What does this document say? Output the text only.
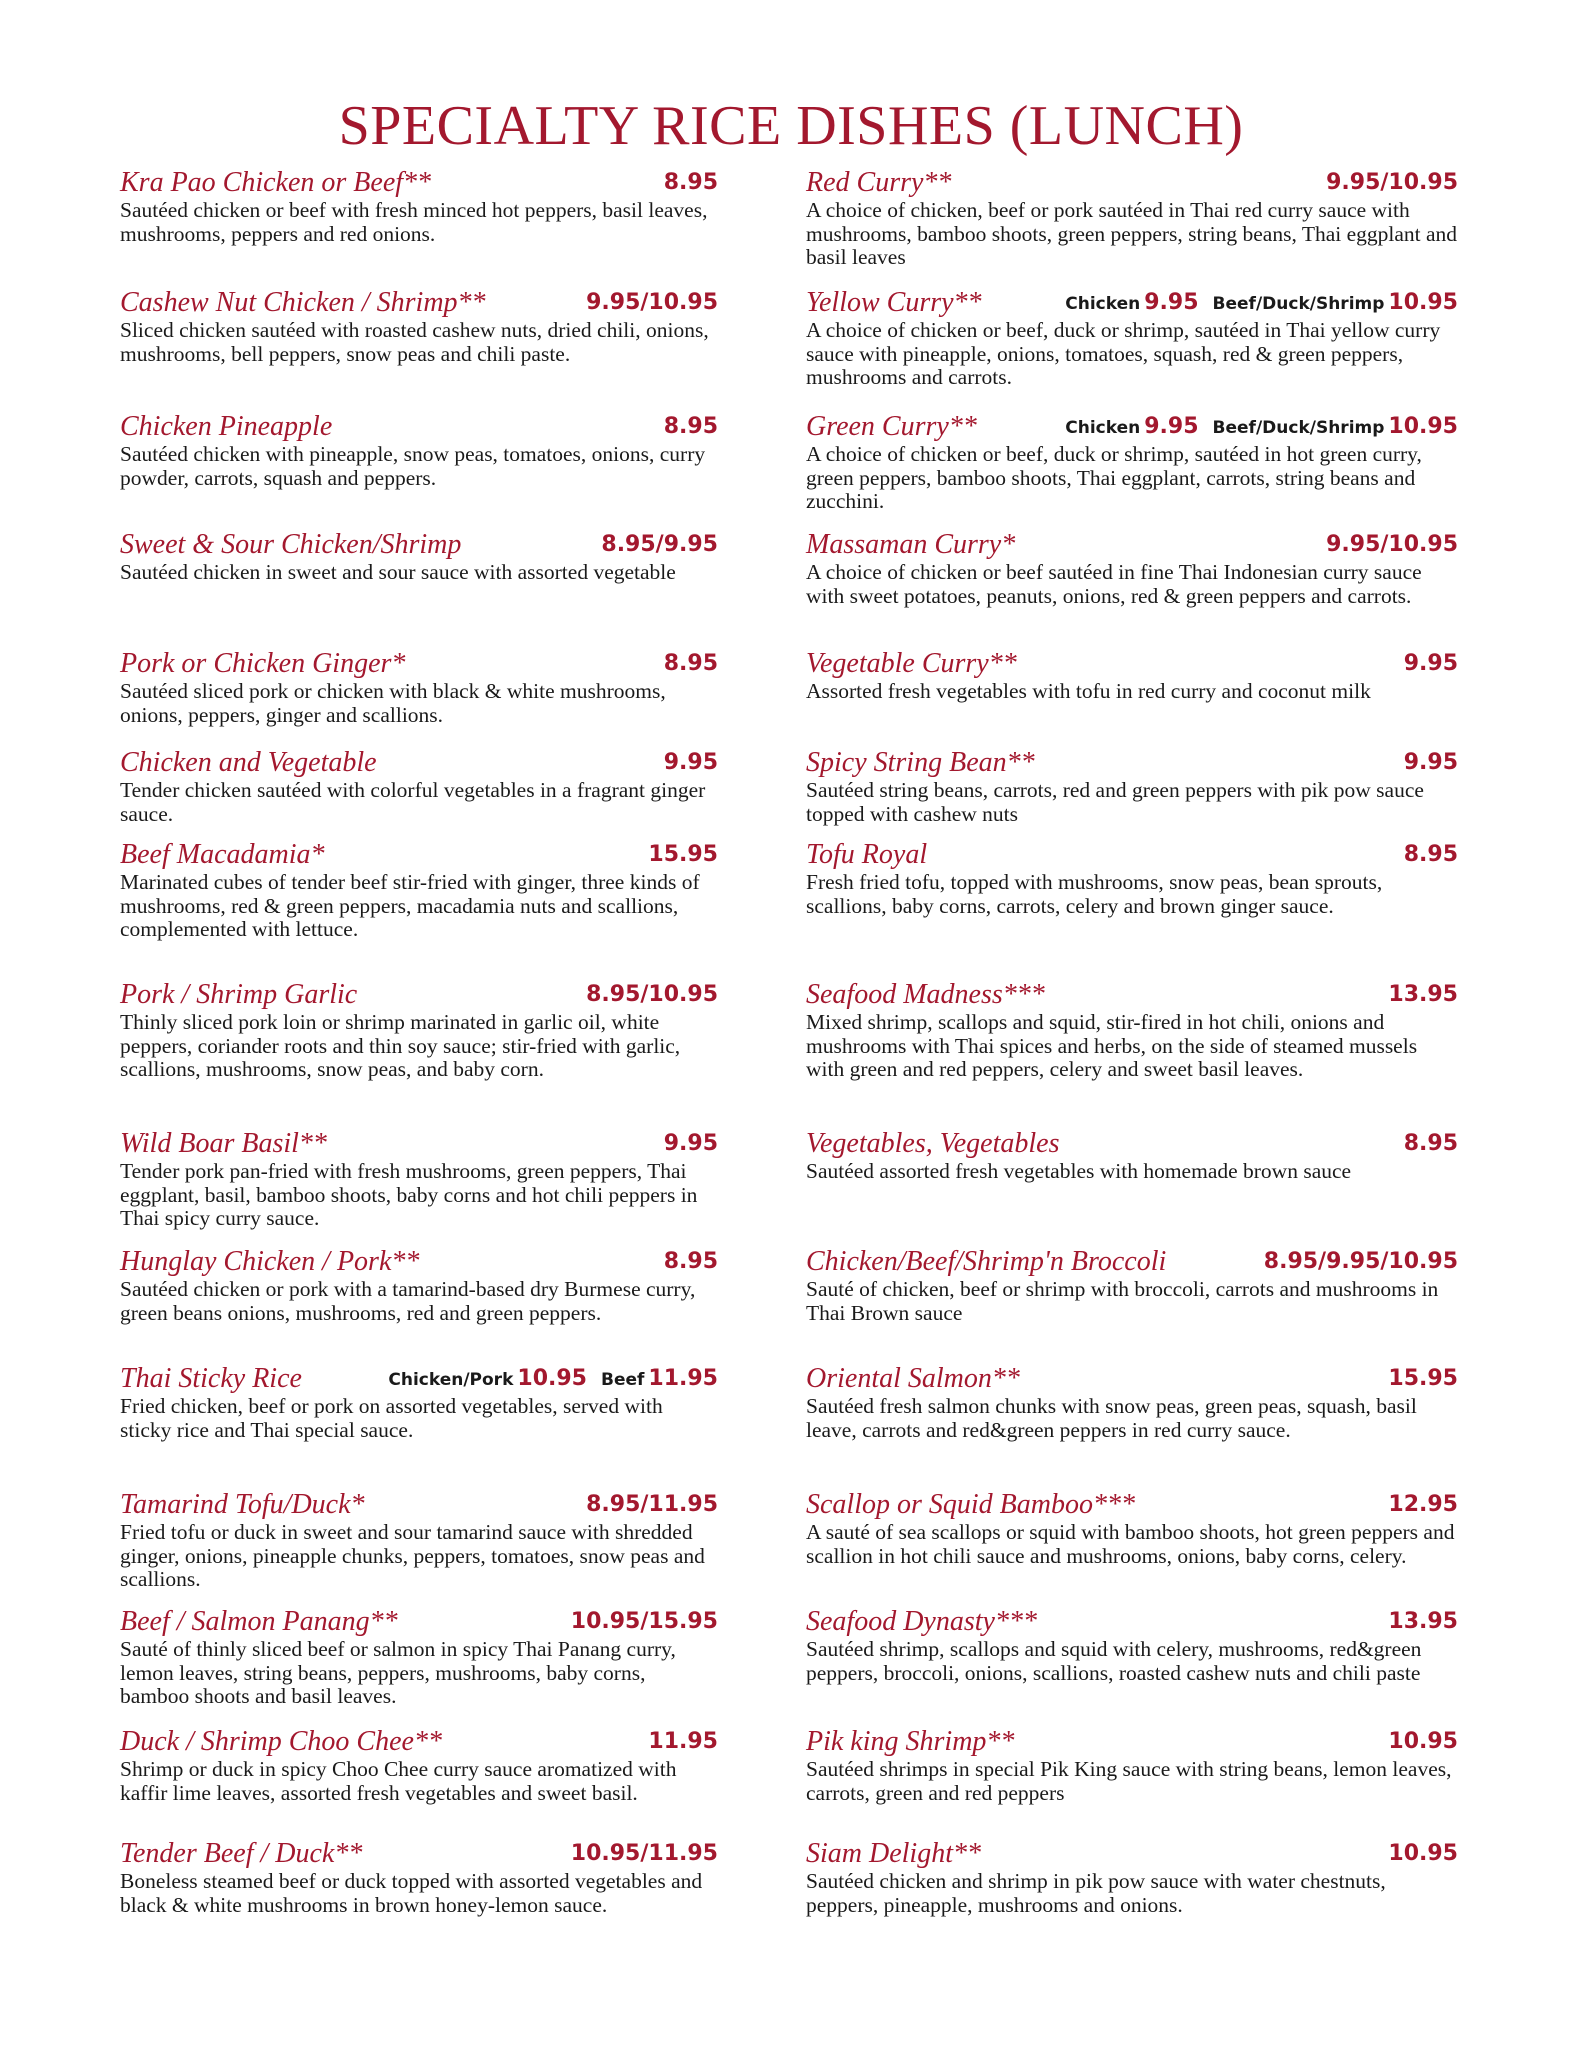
SPECIALTY RICE DISHES (LUNCH)
Kra Pao Chicken or Beef**	8.95
Sautéed chicken or beef with fresh minced hot peppers, basil leaves, mushrooms, peppers and red onions.
Cashew Nut Chicken / Shrimp**	9.95/10.95
Sliced chicken sautéed with roasted cashew nuts, dried chili, onions, mushrooms, bell peppers, snow peas and chili paste.
Chicken Pineapple	8.95
Sautéed chicken with pineapple, snow peas, tomatoes, onions, curry powder, carrots, squash and peppers.
Sweet & Sour Chicken/Shrimp	8.95/9.95
Sautéed chicken in sweet and sour sauce with assorted vegetable
Pork or Chicken Ginger*	8.95
Sautéed sliced pork or chicken with black & white mushrooms, onions, peppers, ginger and scallions.
Chicken and Vegetable	9.95
Tender chicken sautéed with colorful vegetables in a fragrant ginger sauce.
Beef Macadamia*	15.95
Marinated cubes of tender beef stir-fried with ginger, three kinds of mushrooms, red & green peppers, macadamia nuts and scallions, complemented with lettuce.
Pork / Shrimp Garlic	8.95/10.95
Thinly sliced pork loin or shrimp marinated in garlic oil, white peppers, coriander roots and thin soy sauce; stir-fried with garlic, scallions, mushrooms, snow peas, and baby corn.
Wild Boar Basil**	9.95
Tender pork pan-fried with fresh mushrooms, green peppers, Thai eggplant, basil, bamboo shoots, baby corns and hot chili peppers in Thai spicy curry sauce.
Hunglay Chicken / Pork**	8.95
Sautéed chicken or pork with a tamarind-based dry Burmese curry, green beans onions, mushrooms, red and green peppers.
Thai Sticky Rice	Chicken/Pork 10.95 Beef 11.95
Fried chicken, beef or pork on assorted vegetables, served with sticky rice and Thai special sauce.
Tamarind Tofu/Duck*	8.95/11.95
Fried tofu or duck in sweet and sour tamarind sauce with shredded ginger, onions, pineapple chunks, peppers, tomatoes, snow peas and scallions.
Beef / Salmon Panang**	10.95/15.95
Sauté of thinly sliced beef or salmon in spicy Thai Panang curry, lemon leaves, string beans, peppers, mushrooms, baby corns, bamboo shoots and basil leaves.
Duck / Shrimp Choo Chee**	11.95
Shrimp or duck in spicy Choo Chee curry sauce aromatized with kaffir lime leaves, assorted fresh vegetables and sweet basil.
Tender Beef / Duck**	10.95/11.95
Boneless steamed beef or duck topped with assorted vegetables and black & white mushrooms in brown honey-lemon sauce.
Red Curry**	9.95/10.95
A choice of chicken, beef or pork sautéed in Thai red curry sauce with mushrooms, bamboo shoots, green peppers, string beans, Thai eggplant and basil leaves
Yellow Curry**	Chicken 9.95 Beef/Duck/Shrimp 10.95
A choice of chicken or beef, duck or shrimp, sautéed in Thai yellow curry sauce with pineapple, onions, tomatoes, squash, red & green peppers, mushrooms and carrots.
Green Curry**	Chicken 9.95 Beef/Duck/Shrimp 10.95
A choice of chicken or beef, duck or shrimp, sautéed in hot green curry, green peppers, bamboo shoots, Thai eggplant, carrots, string beans and zucchini.
Massaman Curry*	9.95/10.95
A choice of chicken or beef sautéed in fine Thai Indonesian curry sauce with sweet potatoes, peanuts, onions, red & green peppers and carrots.
Vegetable Curry**	9.95
Assorted fresh vegetables with tofu in red curry and coconut milk
Spicy String Bean**	9.95
Sautéed string beans, carrots, red and green peppers with pik pow sauce topped with cashew nuts
Tofu Royal	8.95
Fresh fried tofu, topped with mushrooms, snow peas, bean sprouts, scallions, baby corns, carrots, celery and brown ginger sauce.
Seafood Madness***	13.95
Mixed shrimp, scallops and squid, stir-fired in hot chili, onions and mushrooms with Thai spices and herbs, on the side of steamed mussels with green and red peppers, celery and sweet basil leaves.
Vegetables, Vegetables	8.95
Sautéed assorted fresh vegetables with homemade brown sauce
Chicken/Beef/Shrimp'n Broccoli	8.95/9.95/10.95
Sauté of chicken, beef or shrimp with broccoli, carrots and mushrooms in Thai Brown sauce
Oriental Salmon**	15.95
Sautéed fresh salmon chunks with snow peas, green peas, squash, basil leave, carrots and red&green peppers in red curry sauce.
Scallop or Squid Bamboo***	12.95
A sauté of sea scallops or squid with bamboo shoots, hot green peppers and scallion in hot chili sauce and mushrooms, onions, baby corns, celery.
Seafood Dynasty***	13.95
Sautéed shrimp, scallops and squid with celery, mushrooms, red&green peppers, broccoli, onions, scallions, roasted cashew nuts and chili paste
Pik king Shrimp**	10.95
Sautéed shrimps in special Pik King sauce with string beans, lemon leaves, carrots, green and red peppers
Siam Delight**	10.95
Sautéed chicken and shrimp in pik pow sauce with water chestnuts, peppers, pineapple, mushrooms and onions.
